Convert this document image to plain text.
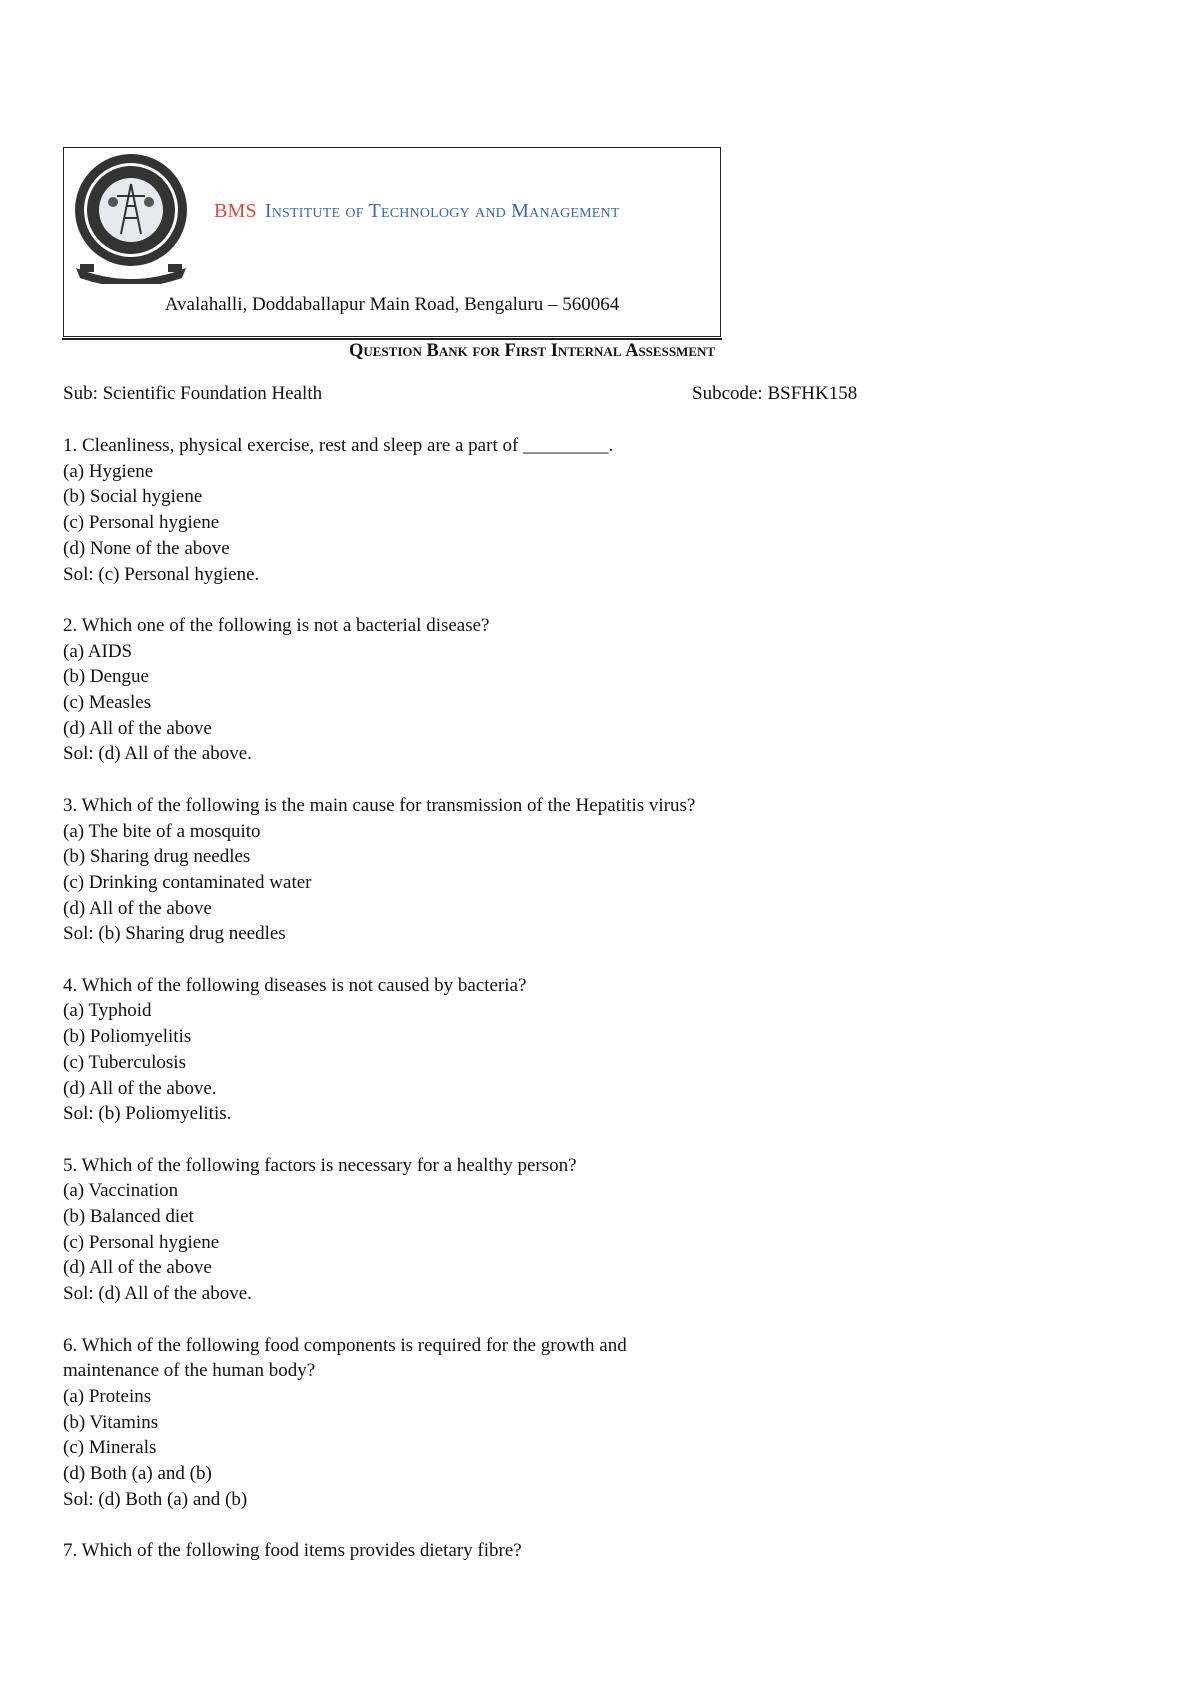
BMS Institute of Technology and Management
Avalahalli, Doddaballapur Main Road, Bengaluru – 560064
Question Bank for First Internal Assessment
Sub: Scientific Foundation Health	Subcode: BSFHK158
1. Cleanliness, physical exercise, rest and sleep are a part of _________.
(a) Hygiene
(b) Social hygiene
(c) Personal hygiene
(d) None of the above
Sol: (c) Personal hygiene.
2. Which one of the following is not a bacterial disease?
(a) AIDS
(b) Dengue
(c) Measles
(d) All of the above
Sol: (d) All of the above.
3. Which of the following is the main cause for transmission of the Hepatitis virus?
(a) The bite of a mosquito
(b) Sharing drug needles
(c) Drinking contaminated water
(d) All of the above
Sol: (b) Sharing drug needles
4. Which of the following diseases is not caused by bacteria?
(a) Typhoid
(b) Poliomyelitis
(c) Tuberculosis
(d) All of the above.
Sol: (b) Poliomyelitis.
5. Which of the following factors is necessary for a healthy person?
(a) Vaccination
(b) Balanced diet
(c) Personal hygiene
(d) All of the above
Sol: (d) All of the above.
6. Which of the following food components is required for the growth and
maintenance of the human body?
(a) Proteins
(b) Vitamins
(c) Minerals
(d) Both (a) and (b)
Sol: (d) Both (a) and (b)
7. Which of the following food items provides dietary fibre?
